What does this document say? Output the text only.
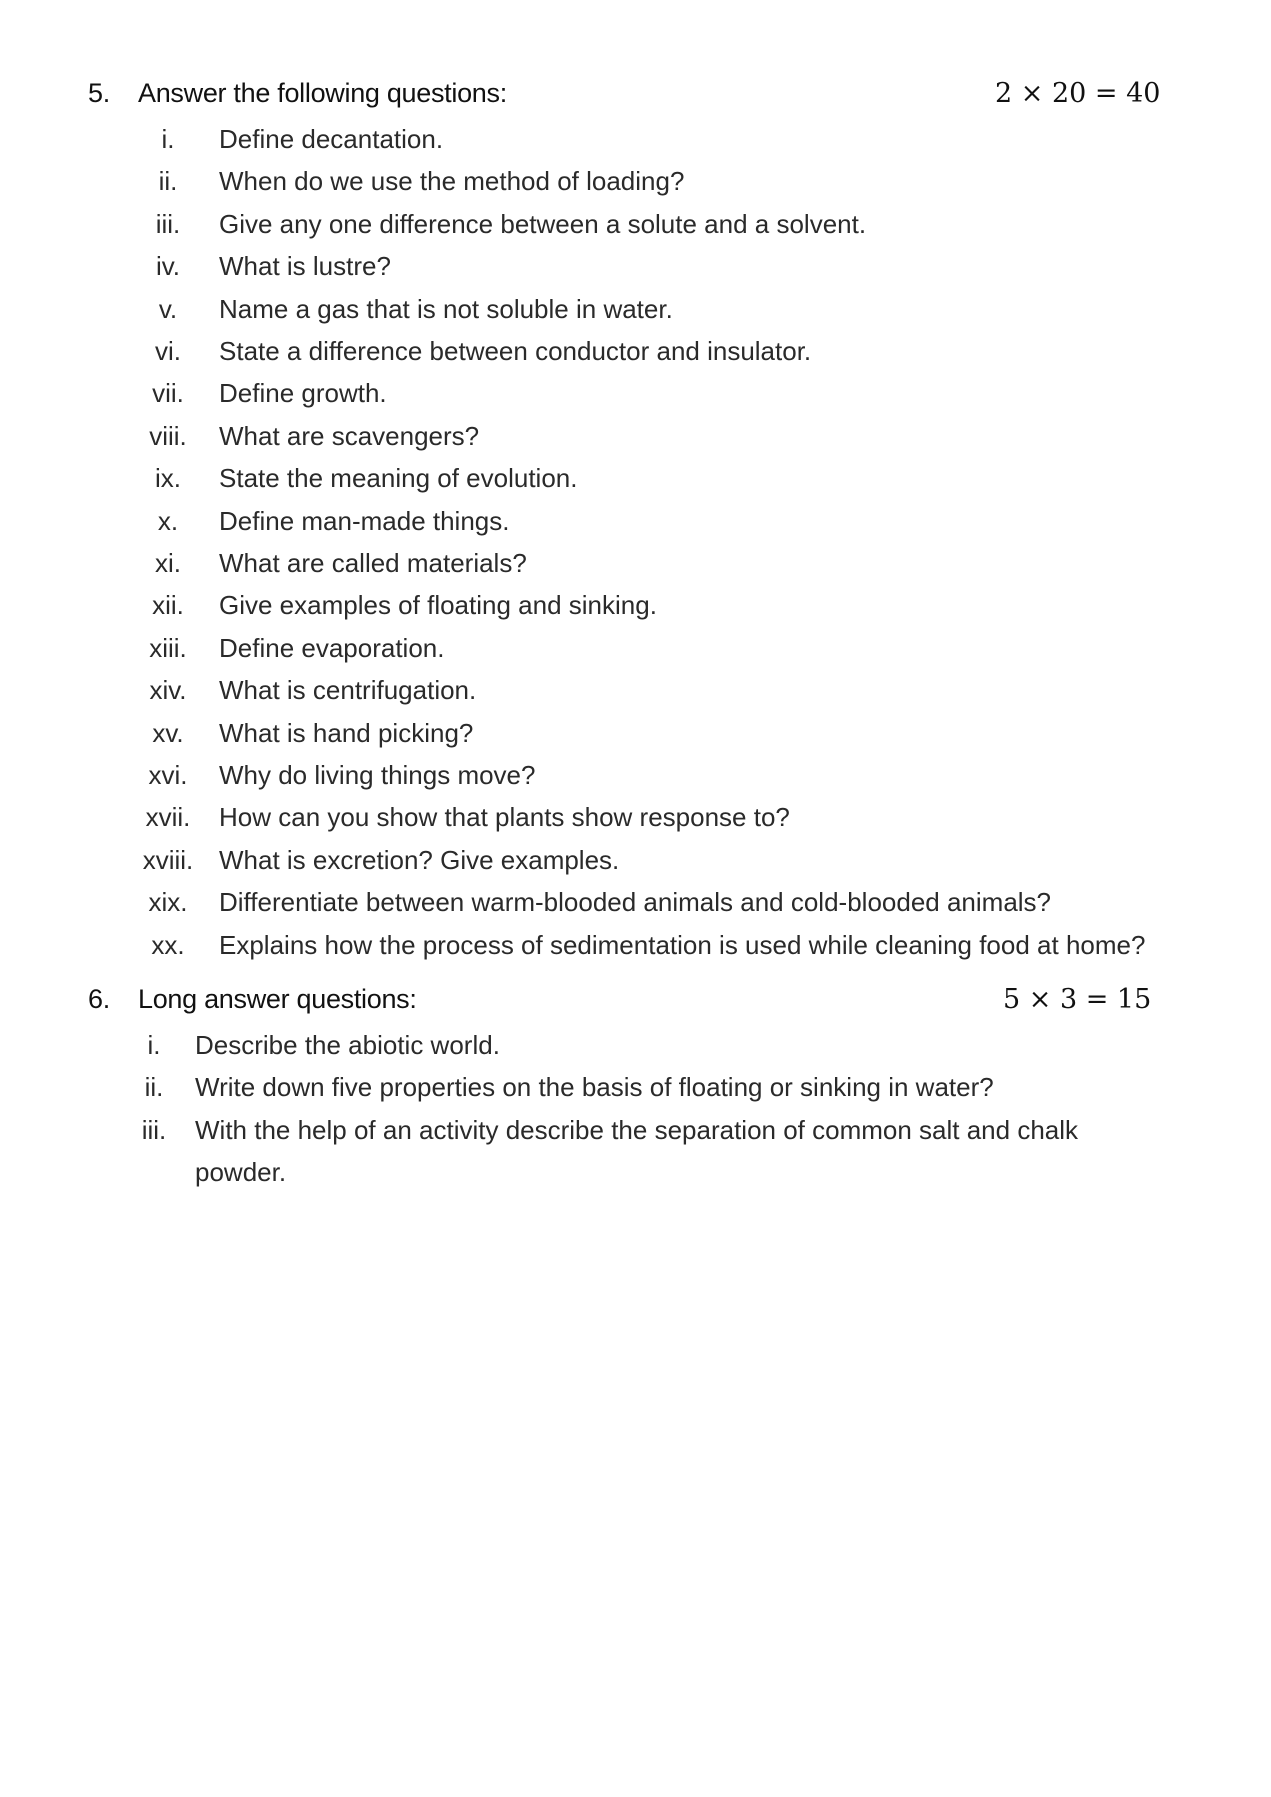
5. Answer the following questions:	2 × 20 = 40
i.	Define decantation.
ii.	When do we use the method of loading?
iii.	Give any one difference between a solute and a solvent.
iv.	What is lustre?
v.	Name a gas that is not soluble in water.
vi.	State a difference between conductor and insulator.
vii.	Define growth.
viii.	What are scavengers?
ix.	State the meaning of evolution.
x.	Define man-made things.
xi.	What are called materials?
xii.	Give examples of floating and sinking.
xiii.	Define evaporation.
xiv.	What is centrifugation.
xv.	What is hand picking?
xvi.	Why do living things move?
xvii. How can you show that plants show response to?
xviii. What is excretion? Give examples.
xix.	Differentiate between warm-blooded animals and cold-blooded animals?
xx.	Explains how the process of sedimentation is used while cleaning food at home?
6. Long answer questions:	5 × 3 = 15
i.	Describe the abiotic world.
ii.	Write down five properties on the basis of floating or sinking in water?
iii.	With the help of an activity describe the separation of common salt and chalk
powder.
